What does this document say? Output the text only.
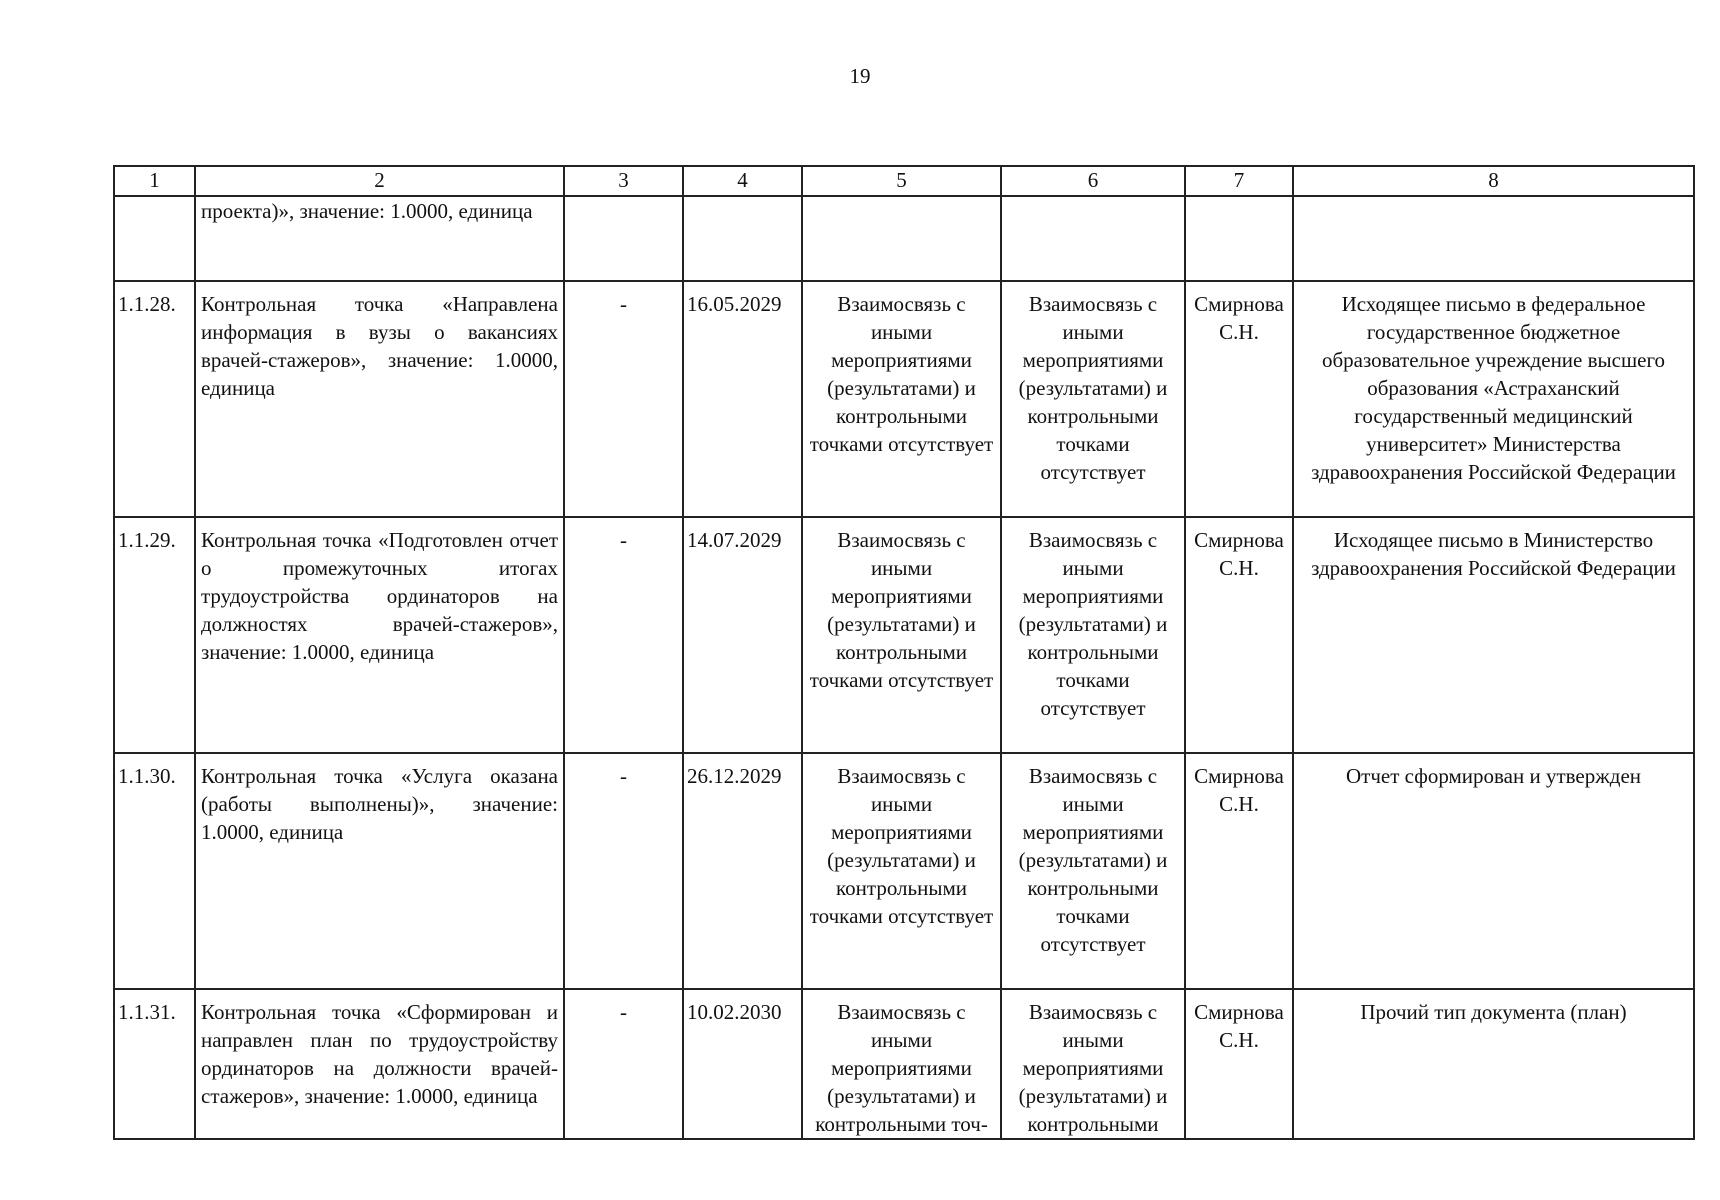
19
1	2	3	4	5	6	7	8
	проекта)», значение: 1.0000, единица						
1.1.28.	Контрольная точка «Направлена информация в вузы о вакансиях врачей-стажеров», значение: 1.0000, единица	-	16.05.2029	Взаимосвязь с иными мероприятиями (результатами) и контрольными точками отсутствует	Взаимосвязь с иными мероприятиями (результатами) и контрольными точками отсутствует	Смирнова С.Н.	Исходящее письмо в федеральное государственное бюджетное образовательное учреждение высшего образования «Астраханский государственный медицинский университет» Министерства здравоохранения Российской Федерации
1.1.29.	Контрольная точка «Подготовлен отчет о промежуточных итогах трудоустройства ординаторов на должностях врачей-стажеров», значение: 1.0000, единица	-	14.07.2029	Взаимосвязь с иными мероприятиями (результатами) и контрольными точками отсутствует	Взаимосвязь с иными мероприятиями (результатами) и контрольными точками отсутствует	Смирнова С.Н.	Исходящее письмо в Министерство здравоохранения Российской Федерации
1.1.30.	Контрольная точка «Услуга оказана (работы выполнены)», значение: 1.0000, единица	-	26.12.2029	Взаимосвязь с иными мероприятиями (результатами) и контрольными точками отсутствует	Взаимосвязь с иными мероприятиями (результатами) и контрольными точками отсутствует	Смирнова С.Н.	Отчет сформирован и утвержден
1.1.31.	Контрольная точка «Сформирован и направлен план по трудоустройству ординаторов на должности врачей-стажеров», значение: 1.0000, единица	-	10.02.2030	Взаимосвязь с иными мероприятиями (результатами) и контрольными точ-	Взаимосвязь с иными мероприятиями (результатами) и контрольными	Смирнова С.Н.	Прочий тип документа (план)
